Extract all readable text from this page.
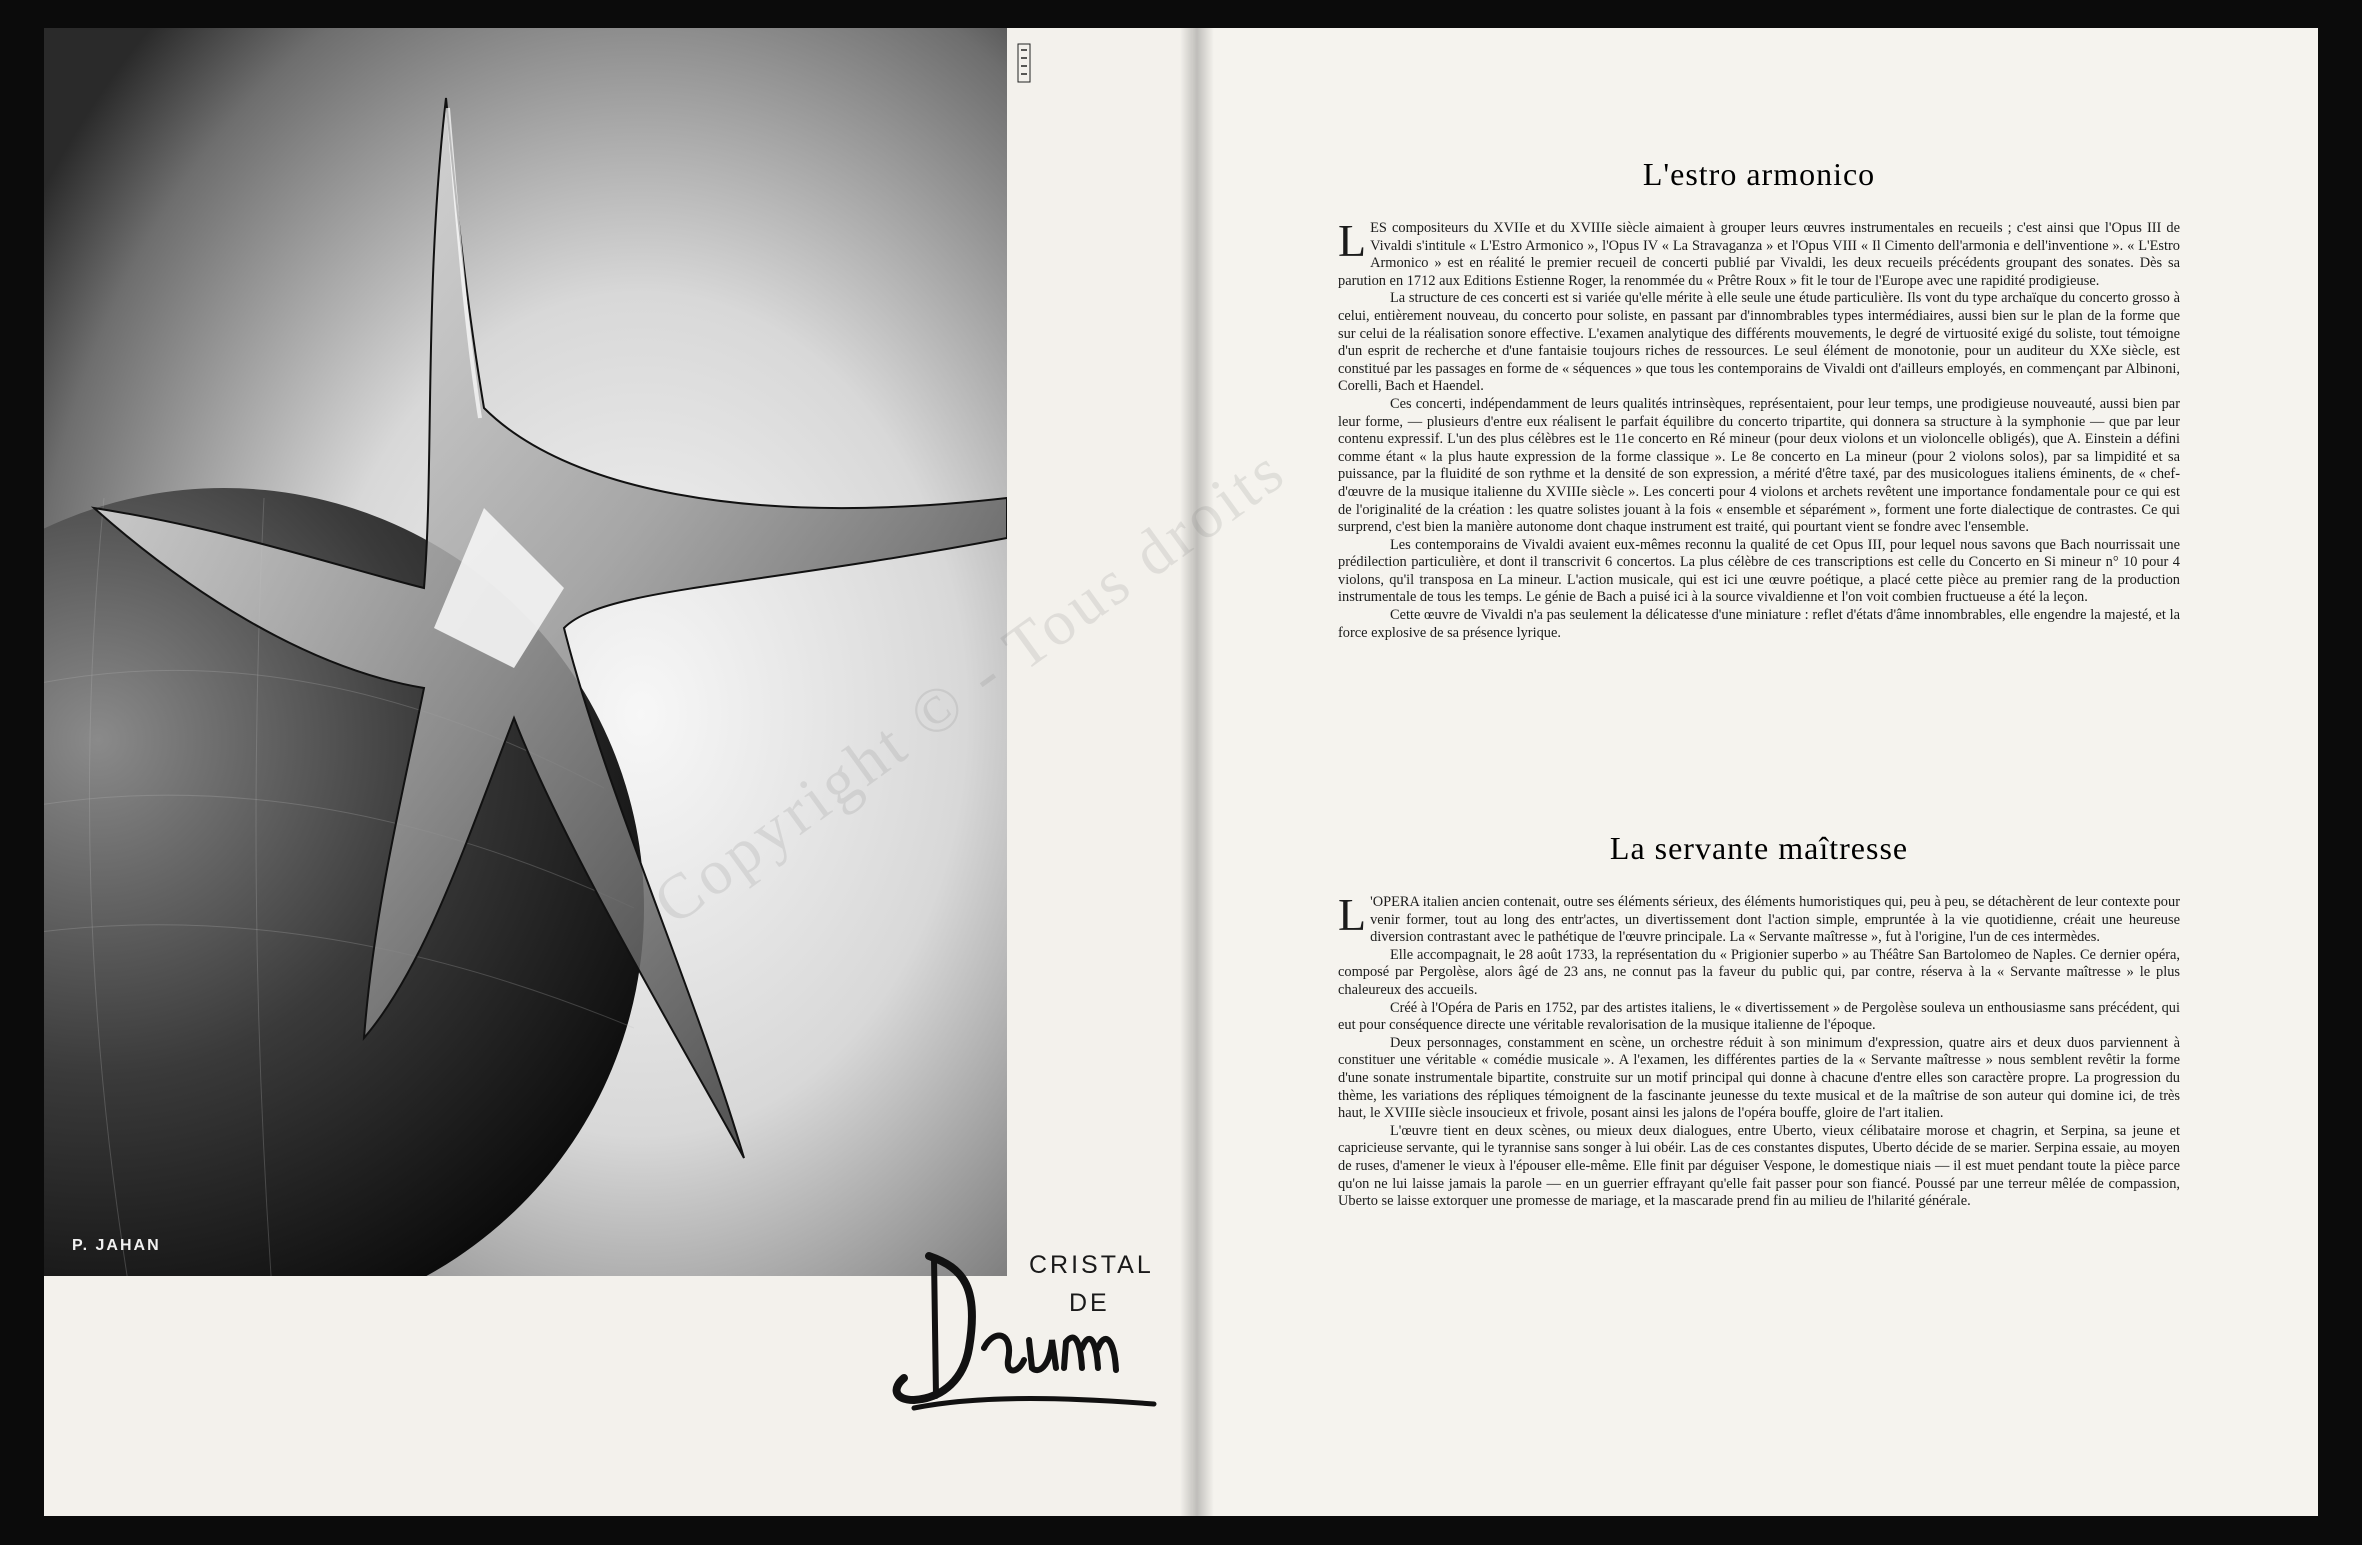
P. JAHAN
CRISTAL
DE
L'estro armonico

LES compositeurs du XVIIe et du XVIIIe siècle aimaient à grouper leurs œuvres instrumentales en recueils ; c'est ainsi que l'Opus III de Vivaldi s'intitule « L'Estro Armonico », l'Opus IV « La Stravaganza » et l'Opus VIII « Il Cimento dell'armonia e dell'inventione ». « L'Estro Armonico » est en réalité le premier recueil de concerti publié par Vivaldi, les deux recueils précédents groupant des sonates. Dès sa parution en 1712 aux Editions Estienne Roger, la renommée du « Prêtre Roux » fit le tour de l'Europe avec une rapidité prodigieuse.

La structure de ces concerti est si variée qu'elle mérite à elle seule une étude particulière. Ils vont du type archaïque du concerto grosso à celui, entièrement nouveau, du concerto pour soliste, en passant par d'innombrables types intermédiaires, aussi bien sur le plan de la forme que sur celui de la réalisation sonore effective. L'examen analytique des différents mouvements, le degré de virtuosité exigé du soliste, tout témoigne d'un esprit de recherche et d'une fantaisie toujours riches de ressources. Le seul élément de monotonie, pour un auditeur du XXe siècle, est constitué par les passages en forme de « séquences » que tous les contemporains de Vivaldi ont d'ailleurs employés, en commençant par Albinoni, Corelli, Bach et Haendel.

Ces concerti, indépendamment de leurs qualités intrinsèques, représentaient, pour leur temps, une prodigieuse nouveauté, aussi bien par leur forme, — plusieurs d'entre eux réalisent le parfait équilibre du concerto tripartite, qui donnera sa structure à la symphonie — que par leur contenu expressif. L'un des plus célèbres est le 11e concerto en Ré mineur (pour deux violons et un violoncelle obligés), que A. Einstein a défini comme étant « la plus haute expression de la forme classique ». Le 8e concerto en La mineur (pour 2 violons solos), par sa limpidité et sa puissance, par la fluidité de son rythme et la densité de son expression, a mérité d'être taxé, par des musicologues italiens éminents, de « chef-d'œuvre de la musique italienne du XVIIIe siècle ». Les concerti pour 4 violons et archets revêtent une importance fondamentale pour ce qui est de l'originalité de la création : les quatre solistes jouant à la fois « ensemble et séparément », forment une forte dialectique de contrastes. Ce qui surprend, c'est bien la manière autonome dont chaque instrument est traité, qui pourtant vient se fondre avec l'ensemble.

Les contemporains de Vivaldi avaient eux-mêmes reconnu la qualité de cet Opus III, pour lequel nous savons que Bach nourrissait une prédilection particulière, et dont il transcrivit 6 concertos. La plus célèbre de ces transcriptions est celle du Concerto en Si mineur n° 10 pour 4 violons, qu'il transposa en La mineur. L'action musicale, qui est ici une œuvre poétique, a placé cette pièce au premier rang de la production instrumentale de tous les temps. Le génie de Bach a puisé ici à la source vivaldienne et l'on voit combien fructueuse a été la leçon.

Cette œuvre de Vivaldi n'a pas seulement la délicatesse d'une miniature : reflet d'états d'âme innombrables, elle engendre la majesté, et la force explosive de sa présence lyrique.

La servante maîtresse

L 'OPERA italien ancien contenait, outre ses éléments sérieux, des éléments humoristiques qui, peu à peu, se détachèrent de leur contexte pour venir former, tout au long des entr'actes, un divertissement dont l'action simple, empruntée à la vie quotidienne, créait une heureuse diversion contrastant avec le pathétique de l'œuvre principale. La « Servante maîtresse », fut à l'origine, l'un de ces intermèdes.

Elle accompagnait, le 28 août 1733, la représentation du « Prigionier superbo » au Théâtre San Bartolomeo de Naples. Ce dernier opéra, composé par Pergolèse, alors âgé de 23 ans, ne connut pas la faveur du public qui, par contre, réserva à la « Servante maîtresse » le plus chaleureux des accueils.

Créé à l'Opéra de Paris en 1752, par des artistes italiens, le « divertissement » de Pergolèse souleva un enthousiasme sans précédent, qui eut pour conséquence directe une véritable revalorisation de la musique italienne de l'époque.

Deux personnages, constamment en scène, un orchestre réduit à son minimum d'expression, quatre airs et deux duos parviennent à constituer une véritable « comédie musicale ». A l'examen, les différentes parties de la « Servante maîtresse » nous semblent revêtir la forme d'une sonate instrumentale bipartite, construite sur un motif principal qui donne à chacune d'entre elles son caractère propre. La progression du thème, les variations des répliques témoignent de la fascinante jeunesse du texte musical et de la maîtrise de son auteur qui domine ici, de très haut, le XVIIIe siècle insoucieux et frivole, posant ainsi les jalons de l'opéra bouffe, gloire de l'art italien.

L'œuvre tient en deux scènes, ou mieux deux dialogues, entre Uberto, vieux célibataire morose et chagrin, et Serpina, sa jeune et capricieuse servante, qui le tyrannise sans songer à lui obéir. Las de ces constantes disputes, Uberto décide de se marier. Serpina essaie, au moyen de ruses, d'amener le vieux à l'épouser elle-même. Elle finit par déguiser Vespone, le domestique niais — il est muet pendant toute la pièce parce qu'on ne lui laisse jamais la parole — en un guerrier effrayant qu'elle fait passer pour son fiancé. Poussé par une terreur mêlée de compassion, Uberto se laisse extorquer une promesse de mariage, et la mascarade prend fin au milieu de l'hilarité générale.
